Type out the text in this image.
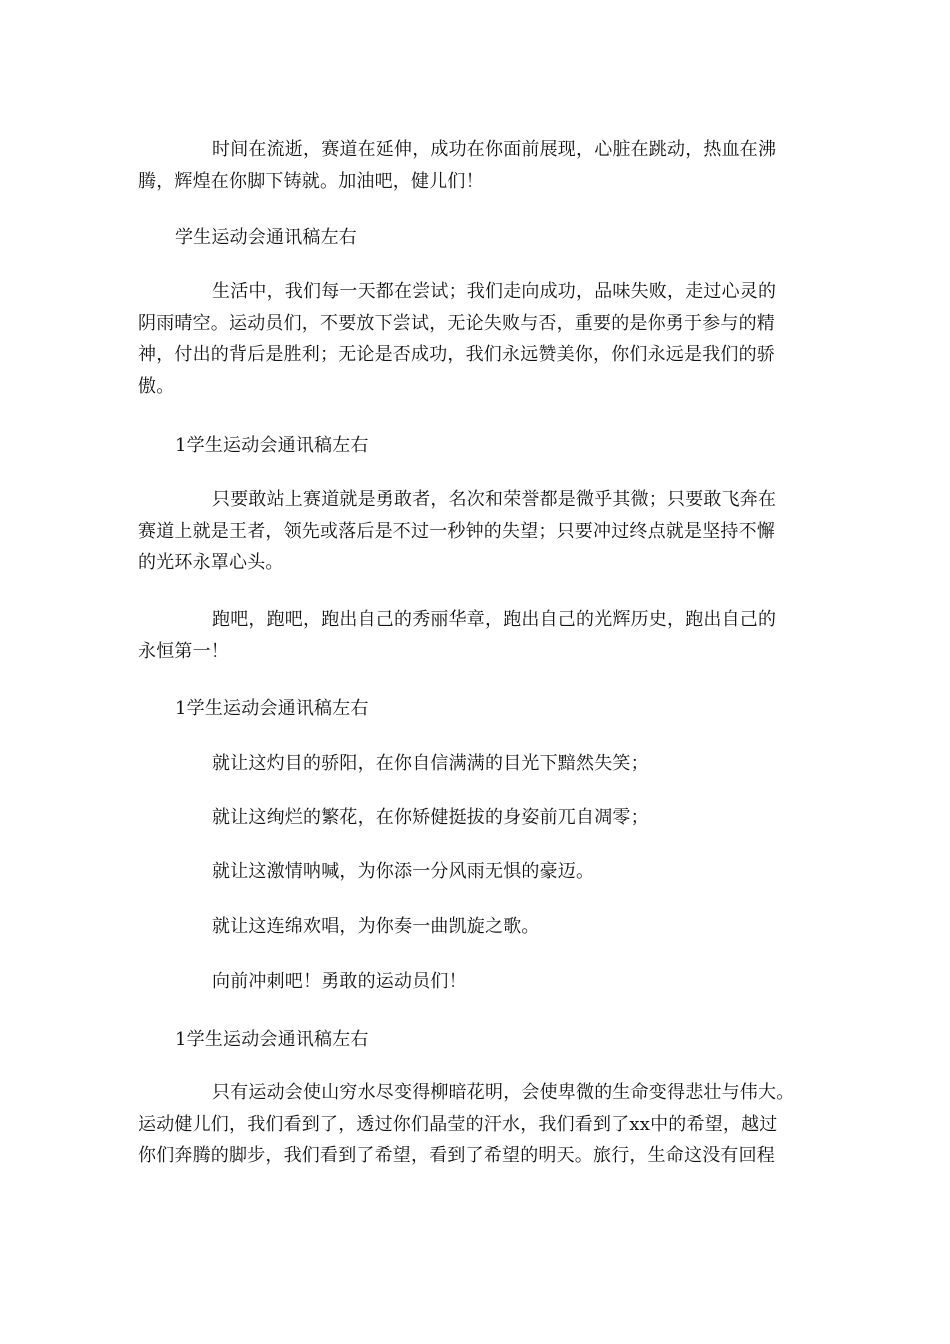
时间在流逝，赛道在延伸，成功在你面前展现，心脏在跳动，热血在沸
腾，辉煌在你脚下铸就。加油吧，健儿们！
学生运动会通讯稿左右
生活中，我们每一天都在尝试；我们走向成功，品味失败，走过心灵的
阴雨晴空。运动员们，不要放下尝试，无论失败与否，重要的是你勇于参与的精
神，付出的背后是胜利；无论是否成功，我们永远赞美你，你们永远是我们的骄
傲。
1学生运动会通讯稿左右
只要敢站上赛道就是勇敢者，名次和荣誉都是微乎其微；只要敢飞奔在
赛道上就是王者，领先或落后是不过一秒钟的失望；只要冲过终点就是坚持不懈
的光环永罩心头。
跑吧，跑吧，跑出自己的秀丽华章，跑出自己的光辉历史，跑出自己的
永恒第一！
1学生运动会通讯稿左右
就让这灼目的骄阳，在你自信满满的目光下黯然失笑；
就让这绚烂的繁花，在你矫健挺拔的身姿前兀自凋零；
就让这激情呐喊，为你添一分风雨无惧的豪迈。
就让这连绵欢唱，为你奏一曲凯旋之歌。
向前冲刺吧！勇敢的运动员们！
1学生运动会通讯稿左右
只有运动会使山穷水尽变得柳暗花明，会使卑微的生命变得悲壮与伟大。
运动健儿们，我们看到了，透过你们晶莹的汗水，我们看到了xx中的希望，越过
你们奔腾的脚步，我们看到了希望，看到了希望的明天。旅行，生命这没有回程
